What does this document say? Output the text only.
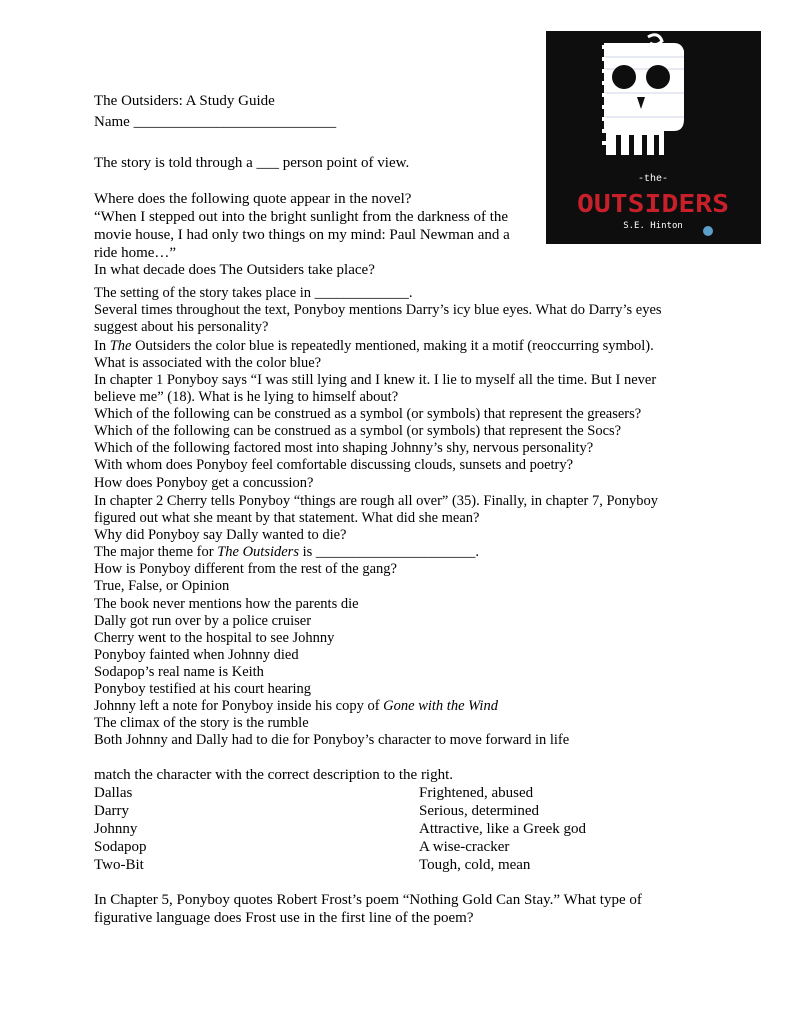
-the-
OUTSIDERS
S.E. Hinton
The Outsiders: A Study Guide
Name ___________________________
The story is told through a ___ person point of view.
Where does the following quote appear in the novel?
“When I stepped out into the bright sunlight from the darkness of the
movie house, I had only two things on my mind: Paul Newman and a
ride home…”
In what decade does The Outsiders take place?
The setting of the story takes place in _____________.
Several times throughout the text, Ponyboy mentions Darry’s icy blue eyes. What do Darry’s eyes
suggest about his personality?
In The Outsiders the color blue is repeatedly mentioned, making it a motif (reoccurring symbol).
What is associated with the color blue?
In chapter 1 Ponyboy says “I was still lying and I knew it. I lie to myself all the time. But I never
believe me” (18). What is he lying to himself about?
Which of the following can be construed as a symbol (or symbols) that represent the greasers?
Which of the following can be construed as a symbol (or symbols) that represent the Socs?
Which of the following factored most into shaping Johnny’s shy, nervous personality?
With whom does Ponyboy feel comfortable discussing clouds, sunsets and poetry?
How does Ponyboy get a concussion?
In chapter 2 Cherry tells Ponyboy “things are rough all over” (35). Finally, in chapter 7, Ponyboy
figured out what she meant by that statement. What did she mean?
Why did Ponyboy say Dally wanted to die?
The major theme for The Outsiders is ______________________.
How is Ponyboy different from the rest of the gang?
True, False, or Opinion
The book never mentions how the parents die
Dally got run over by a police cruiser
Cherry went to the hospital to see Johnny
Ponyboy fainted when Johnny died
Sodapop’s real name is Keith
Ponyboy testified at his court hearing
Johnny left a note for Ponyboy inside his copy of Gone with the Wind
The climax of the story is the rumble
Both Johnny and Dally had to die for Ponyboy’s character to move forward in life
match the character with the correct description to the right.
Dallas
Darry
Johnny
Sodapop
Two-Bit
Frightened, abused
Serious, determined
Attractive, like a Greek god
A wise-cracker
Tough, cold, mean
In Chapter 5, Ponyboy quotes Robert Frost’s poem “Nothing Gold Can Stay.” What type of
figurative language does Frost use in the first line of the poem?
